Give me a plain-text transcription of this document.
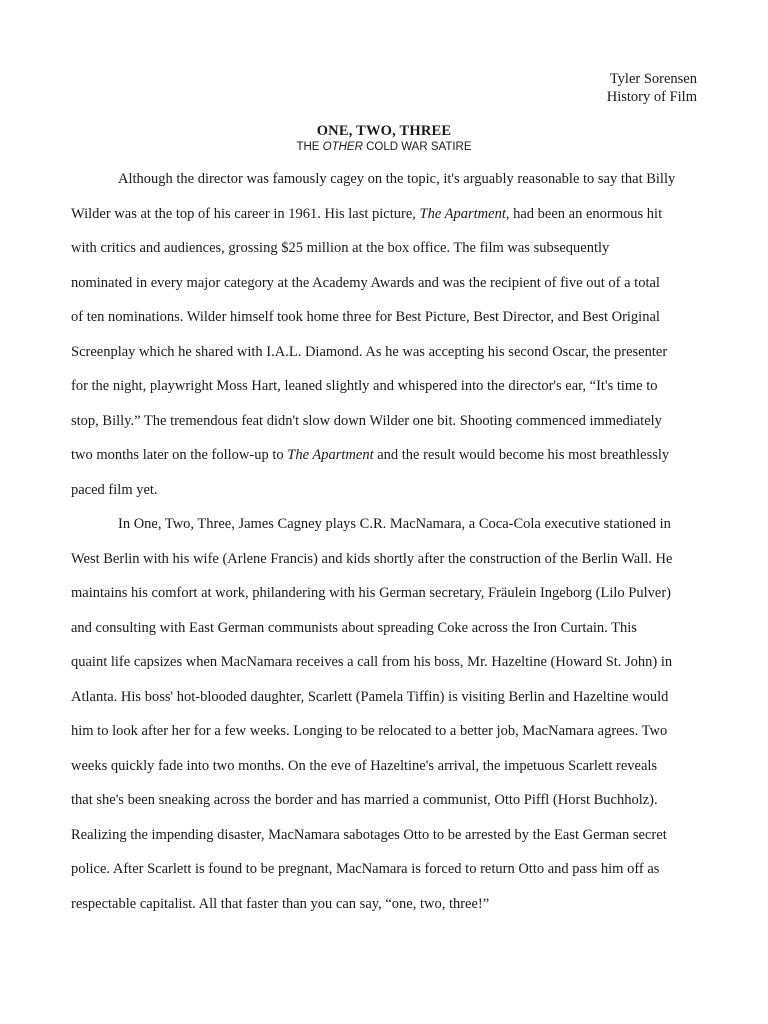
Tyler Sorensen
History of Film
ONE, TWO, THREE
THE OTHER COLD WAR SATIRE
Although the director was famously cagey on the topic, it's arguably reasonable to say that Billy
Wilder was at the top of his career in 1961. His last picture, The Apartment, had been an enormous hit
with critics and audiences, grossing $25 million at the box office. The film was subsequently
nominated in every major category at the Academy Awards and was the recipient of five out of a total
of ten nominations. Wilder himself took home three for Best Picture, Best Director, and Best Original
Screenplay which he shared with I.A.L. Diamond. As he was accepting his second Oscar, the presenter
for the night, playwright Moss Hart, leaned slightly and whispered into the director's ear, “It's time to
stop, Billy.” The tremendous feat didn't slow down Wilder one bit. Shooting commenced immediately
two months later on the follow-up to The Apartment and the result would become his most breathlessly
paced film yet.
In One, Two, Three, James Cagney plays C.R. MacNamara, a Coca-Cola executive stationed in
West Berlin with his wife (Arlene Francis) and kids shortly after the construction of the Berlin Wall. He
maintains his comfort at work, philandering with his German secretary, Fräulein Ingeborg (Lilo Pulver)
and consulting with East German communists about spreading Coke across the Iron Curtain. This
quaint life capsizes when MacNamara receives a call from his boss, Mr. Hazeltine (Howard St. John) in
Atlanta. His boss' hot-blooded daughter, Scarlett (Pamela Tiffin) is visiting Berlin and Hazeltine would
him to look after her for a few weeks. Longing to be relocated to a better job, MacNamara agrees. Two
weeks quickly fade into two months. On the eve of Hazeltine's arrival, the impetuous Scarlett reveals
that she's been sneaking across the border and has married a communist, Otto Piffl (Horst Buchholz).
Realizing the impending disaster, MacNamara sabotages Otto to be arrested by the East German secret
police. After Scarlett is found to be pregnant, MacNamara is forced to return Otto and pass him off as
respectable capitalist. All that faster than you can say, “one, two, three!”
